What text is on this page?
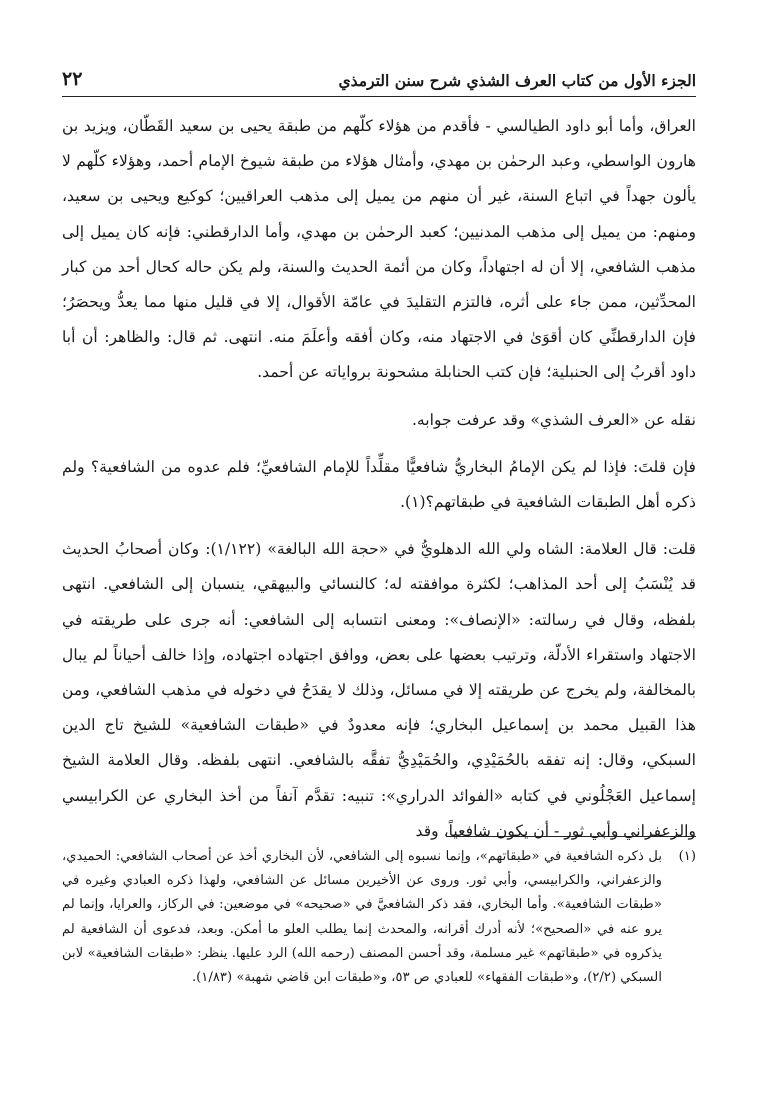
الجزء الأول من كتاب العرف الشذي شرح سنن الترمذي
٢٢

العراق، وأما أبو داود الطيالسي - فأقدم من هؤلاء كلّهم من طبقة يحيى بن سعيد القَطّان، ويزيد بن هارون الواسطي، وعبد الرحمٰن بن مهدي، وأمثال هؤلاء من طبقة شيوخ الإمام أحمد، وهؤلاء كلّهم لا يألون جهداً في اتباع السنة، غير أن منهم من يميل إلى مذهب العراقيين؛ كوكيع ويحيى بن سعيد، ومنهم: من يميل إلى مذهب المدنيين؛ كعبد الرحمٰن بن مهدي، وأما الدارقطني: فإنه كان يميل إلى مذهب الشافعي، إلا أن له اجتهاداً، وكان من أئمة الحديث والسنة، ولم يكن حاله كحال أحد من كبار المحدِّثين، ممن جاء على أثره، فالتزم التقليدَ في عامّة الأقوال، إلا في قليل منها مما يعدُّ ويحصَرُ؛ فإن الدارقطنِّي كان أقوَىٰ في الاجتهاد منه، وكان أفقه وأعلَمَ منه. انتهى. ثم قال: والظاهر: أن أبا داود أقربُ إلى الحنبلية؛ فإن كتب الحنابلة مشحونة برواياته عن أحمد.

نقله عن «العرف الشذي» وقد عرفت جوابه.

فإن قلتَ: فإذا لم يكن الإمامُ البخاريُّ شافعيًّا مقلِّداً للإمام الشافعيِّ؛ فلم عدوه من الشافعية؟ ولم ذكره أهل الطبقات الشافعية في طبقاتهم؟(١).

قلت: قال العلامة: الشاه ولي الله الدهلويُّ في «حجة الله البالغة» (١/١٢٢): وكان أصحابُ الحديث قد يُنْسَبُ إلى أحد المذاهب؛ لكثرة موافقته له؛ كالنسائي والبيهقي، ينسبان إلى الشافعي. انتهى بلفظه، وقال في رسالته: «الإنصاف»: ومعنى انتسابه إلى الشافعي: أنه جرى على طريقته في الاجتهاد واستقراء الأدلّة، وترتيب بعضها على بعض، ووافق اجتهاده اجتهاده، وإذا خالف أحياناً لم يبال بالمخالفة، ولم يخرج عن طريقته إلا في مسائل، وذلك لا يقدَحُ في دخوله في مذهب الشافعي، ومن هذا القبيل محمد بن إسماعيل البخاري؛ فإنه معدودٌ في «طبقات الشافعية» للشيخ تاج الدين السبكي، وقال: إنه تفقه بالحُمَيْدِي، والحُمَيْدِيُّ تفقَّه بالشافعي. انتهى بلفظه. وقال العلامة الشيخ إسماعيل العَجْلُوني في كتابه «الفوائد الدراري»: تنبيه: تقدَّم آنفاً من أخذ البخاري عن الكرابيسي والزعفراني وأبي ثور - أن يكون شافعياً، وقد

(١)
بل ذكره الشافعية في «طبقاتهم»، وإنما نسبوه إلى الشافعي، لأن البخاري أخذ عن أصحاب الشافعي: الحميدي، والزعفراني، والكرابيسي، وأبي ثور. وروى عن الأخيرين مسائل عن الشافعي، ولهذا ذكره العبادي وغيره في «طبقات الشافعية». وأما البخاري، فقد ذكر الشافعيَّ في «صحيحه» في موضعين: في الركاز، والعرايا، وإنما لم يرو عنه في «الصحيح»؛ لأنه أدرك أقرانه، والمحدث إنما يطلب العلو ما أمكن. وبعد، فدعوى أن الشافعية لم يذكروه في «طبقاتهم» غير مسلمة، وقد أحسن المصنف (رحمه الله) الرد عليها. ينظر: «طبقات الشافعية» لابن السبكي (٢/٢)، و«طبقات الفقهاء» للعبادي ص ٥٣، و«طبقات ابن قاضي شهبة» (١/٨٣).
